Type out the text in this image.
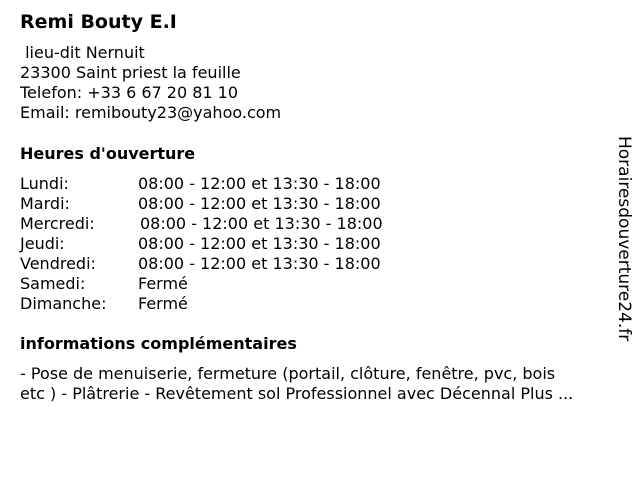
Remi Bouty E.I
lieu-dit Nernuit
23300 Saint priest la feuille
Telefon: +33 6 67 20 81 10
Email: remibouty23@yahoo.com
Heures d'ouverture
Lundi:	08:00 - 12:00 et 13:30 - 18:00
Mardi:	08:00 - 12:00 et 13:30 - 18:00
Mercredi:	08:00 - 12:00 et 13:30 - 18:00
Jeudi:	08:00 - 12:00 et 13:30 - 18:00
Vendredi:	08:00 - 12:00 et 13:30 - 18:00
Samedi:	Fermé
Dimanche: Fermé
informations complémentaires
- Pose de menuiserie, fermeture (portail, clôture, fenêtre, pvc, bois
etc ) - Plâtrerie - Revêtement sol Professionnel avec Décennal Plus ...
Horairesdouverture24.fr
